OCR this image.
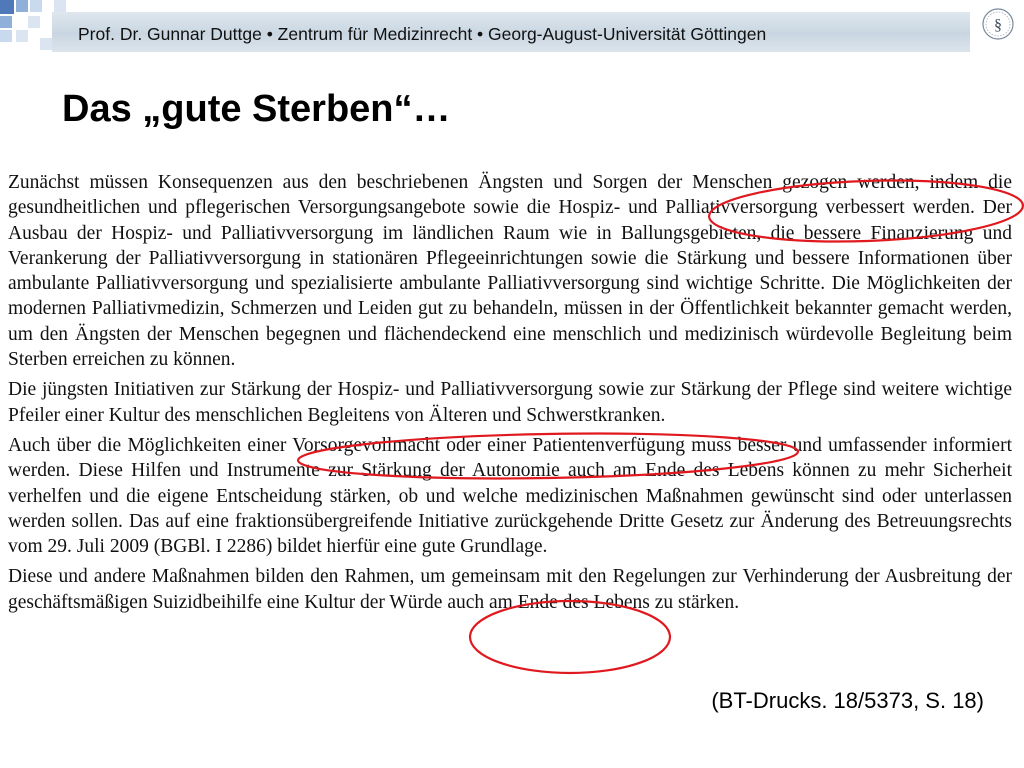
Prof. Dr. Gunnar Duttge • Zentrum für Medizinrecht • Georg-August-Universität Göttingen	§
Das „gute Sterben“…

Zunächst müssen Konsequenzen aus den beschriebenen Ängsten und Sorgen der Menschen gezogen werden, indem die gesundheitlichen und pflegerischen Versorgungsangebote sowie die Hospiz- und Palliativversorgung verbessert werden. Der Ausbau der Hospiz- und Palliativversorgung im ländlichen Raum wie in Ballungsgebieten, die bessere Finanzierung und Verankerung der Palliativversorgung in stationären Pflegeeinrichtungen sowie die Stärkung und bessere Informationen über ambulante Palliativversorgung und spezialisierte ambulante Palliativversorgung sind wichtige Schritte. Die Möglichkeiten der modernen Palliativmedizin, Schmerzen und Leiden gut zu behandeln, müssen in der Öffentlichkeit bekannter gemacht werden, um den Ängsten der Menschen begegnen und flächendeckend eine menschlich und medizinisch würdevolle Begleitung beim Sterben erreichen zu können.

Die jüngsten Initiativen zur Stärkung der Hospiz- und Palliativversorgung sowie zur Stärkung der Pflege sind weitere wichtige Pfeiler einer Kultur des menschlichen Begleitens von Älteren und Schwerstkranken.

Auch über die Möglichkeiten einer Vorsorgevollmacht oder einer Patientenverfügung muss besser und umfassender informiert werden. Diese Hilfen und Instrumente zur Stärkung der Autonomie auch am Ende des Lebens können zu mehr Sicherheit verhelfen und die eigene Entscheidung stärken, ob und welche medizinischen Maßnahmen gewünscht sind oder unterlassen werden sollen. Das auf eine fraktionsübergreifende Initiative zurückgehende Dritte Gesetz zur Änderung des Betreuungsrechts vom 29. Juli 2009 (BGBl. I 2286) bildet hierfür eine gute Grundlage.

Diese und andere Maßnahmen bilden den Rahmen, um gemeinsam mit den Regelungen zur Verhinderung der Ausbreitung der geschäftsmäßigen Suizidbeihilfe eine Kultur der Würde auch am Ende des Lebens zu stärken.

(BT-Drucks. 18/5373, S. 18)
